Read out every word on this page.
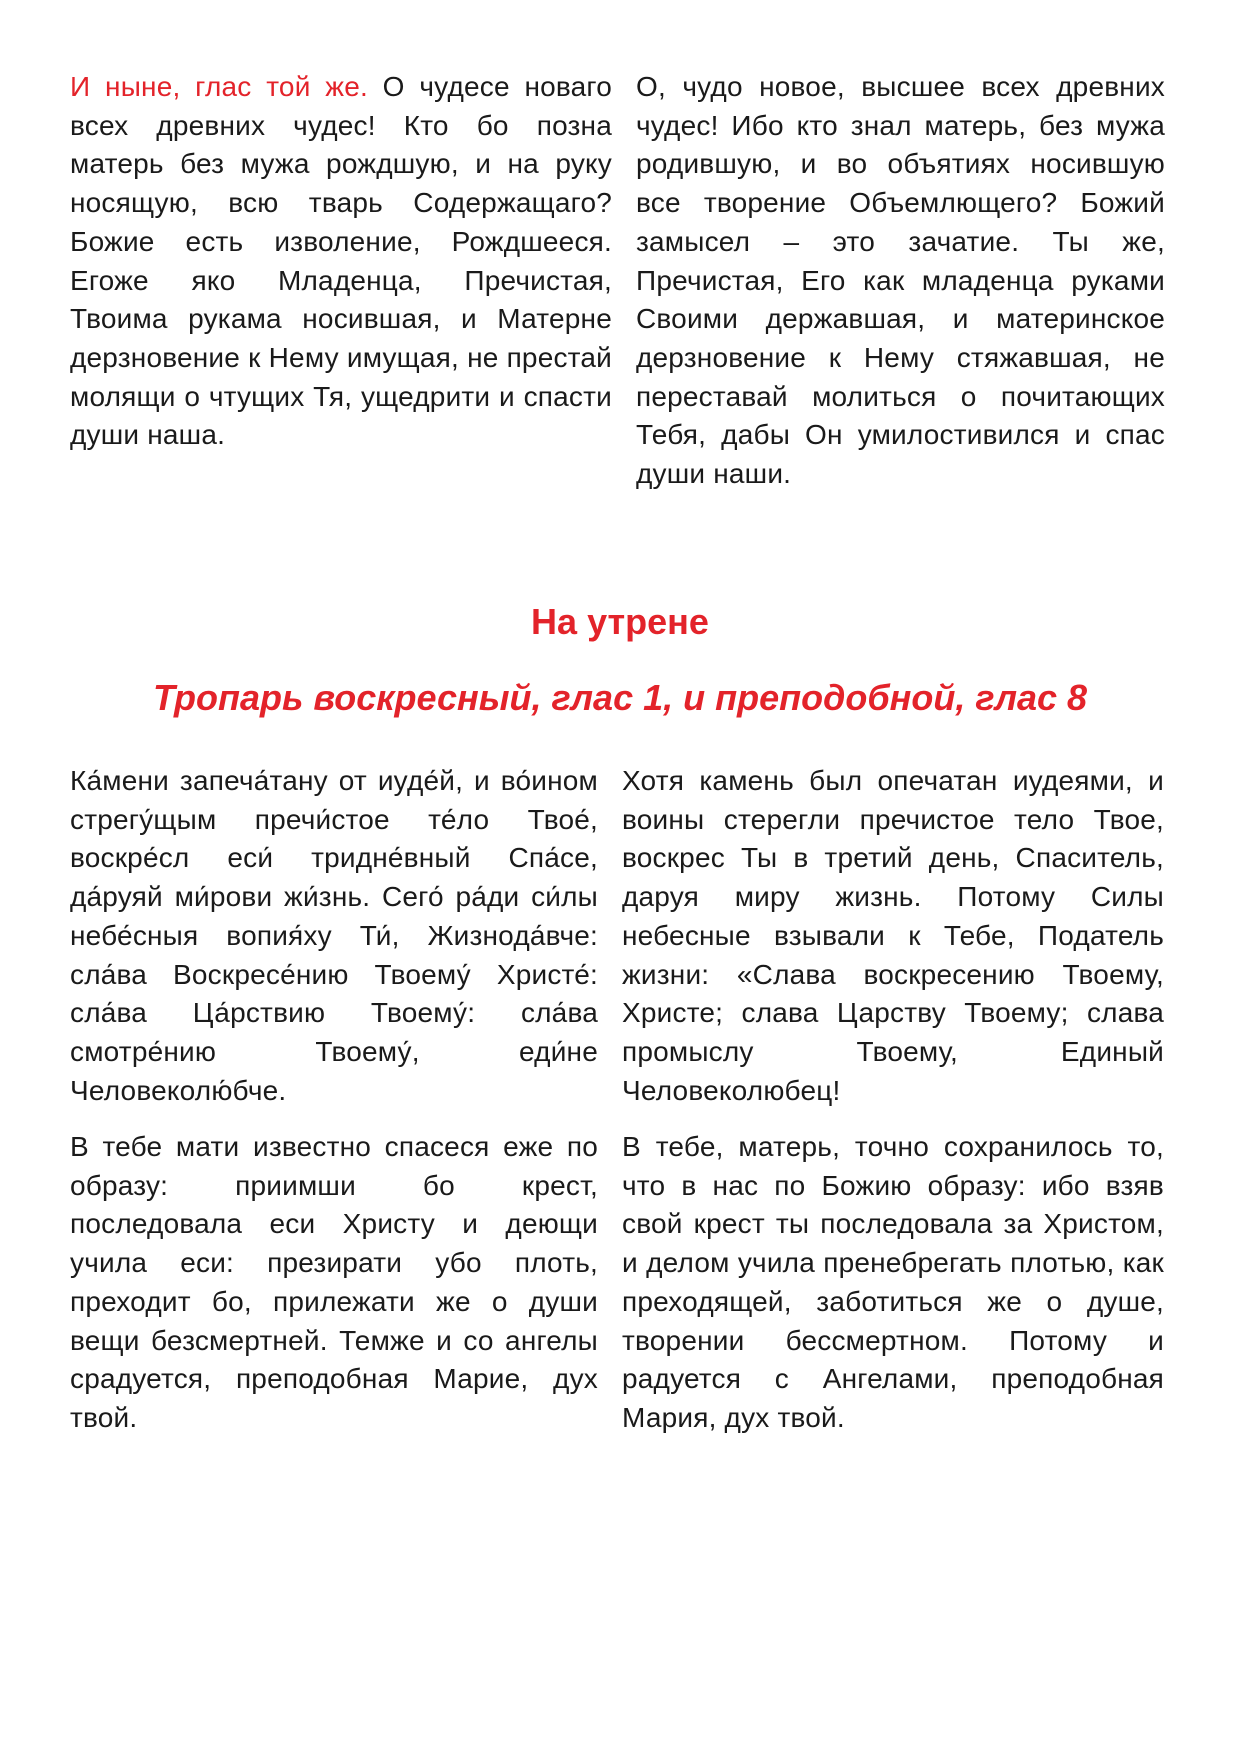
И ныне, глас той же. О чудесе новаго всех древних чудес! Кто бо позна матерь без мужа рождшую, и на руку носящую, всю тварь Содержащаго? Божие есть изволение, Рождшееся. Егоже яко Младенца, Пречистая, Твоима рукама носившая, и Матерне дерзновение к Нему имущая, не престай молящи о чтущих Тя, ущедрити и спасти души наша.

О, чудо новое, высшее всех древних чудес! Ибо кто знал матерь, без мужа родившую, и во объятиях носившую все творение Объемлющего? Божий замысел – это зачатие. Ты же, Пречистая, Его как младенца руками Своими державшая, и материнское дерзновение к Нему стяжавшая, не переставай молиться о почитающих Тебя, дабы Он умилостивился и спас души наши.

На утрене
Тропарь воскресный, глас 1, и преподобной, глас 8

Ка́мени запеча́тану от иуде́й, и во́ином стрегу́щым пречи́стое те́ло Твое́, воскре́сл еси́ тридне́вный Спа́се, да́руяй ми́рови жи́знь. Сего́ ра́ди си́лы небе́сныя вопия́ху Ти́, Жизнода́вче: сла́ва Воскресе́нию Твоему́ Христе́: сла́ва Ца́рствию Твоему́: сла́ва смотре́нию Твоему́, еди́не Человеколю́бче.

Хотя камень был опечатан иудеями, и воины стерегли пречистое тело Твое, воскрес Ты в третий день, Спаситель, даруя миру жизнь. Потому Силы небесные взывали к Тебе, Податель жизни: «Слава воскресению Твоему, Христе; слава Царству Твоему; слава промыслу Твоему, Единый Человеколюбец!

В тебе мати известно спасеся еже по образу: приимши бо крест, последовала еси Христу и деющи учила еси: презирати убо плоть, преходит бо, прилежати же о души вещи безсмертней. Темже и со ангелы срадуется, преподобная Марие, дух твой.

В тебе, матерь, точно сохранилось то, что в нас по Божию образу: ибо взяв свой крест ты последовала за Христом, и делом учила пренебрегать плотью, как преходящей, заботиться же о душе, творении бессмертном. Потому и радуется с Ангелами, преподобная Мария, дух твой.
